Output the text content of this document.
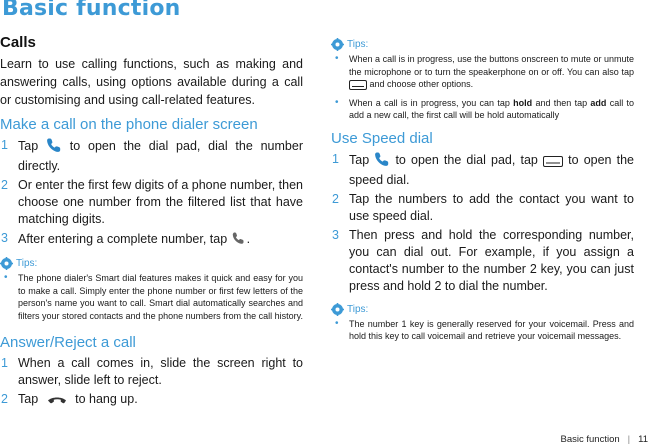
Basic function
Calls

Learn to use calling functions, such as making and answering calls, using options available during a call or customising and using call-related features.

Make a call on the phone dialer screen
1 Tap	to open the dial pad, dial the number directly.
2 Or enter the first few digits of a phone number, then choose one number from the filtered list that have matching digits.
3 After entering a complete number, tap .
Tips:
• The phone dialer's Smart dial features makes it quick and easy for you to make a call. Simply enter the phone number or first few letters of the person's name you want to call. Smart dial automatically searches and filters your stored contacts and the phone numbers from the call history.
Answer/Reject a call
1 When a call comes in, slide the screen right to answer, slide left to reject.
2 Tap	to hang up.
Tips:
• When a call is in progress, use the buttons onscreen to mute or unmute the microphone or to turn the speakerphone on or off. You can also tap  and choose other options.
• When a call is in progress, you can tap hold and then tap add call to add a new call, the first call will be hold automatically
Use Speed dial
1 Tap to open the dial pad, tap to open the speed dial.
2 Tap the numbers to add the contact you want to use speed dial.
3 Then press and hold the corresponding number, you can dial out. For example, if you assign a contact's number to the number 2 key, you can just press and hold 2 to dial the number.
Tips:
• The number 1 key is generally reserved for your voicemail. Press and hold this key to call voicemail and retrieve your voicemail messages.
Basic function | 11
